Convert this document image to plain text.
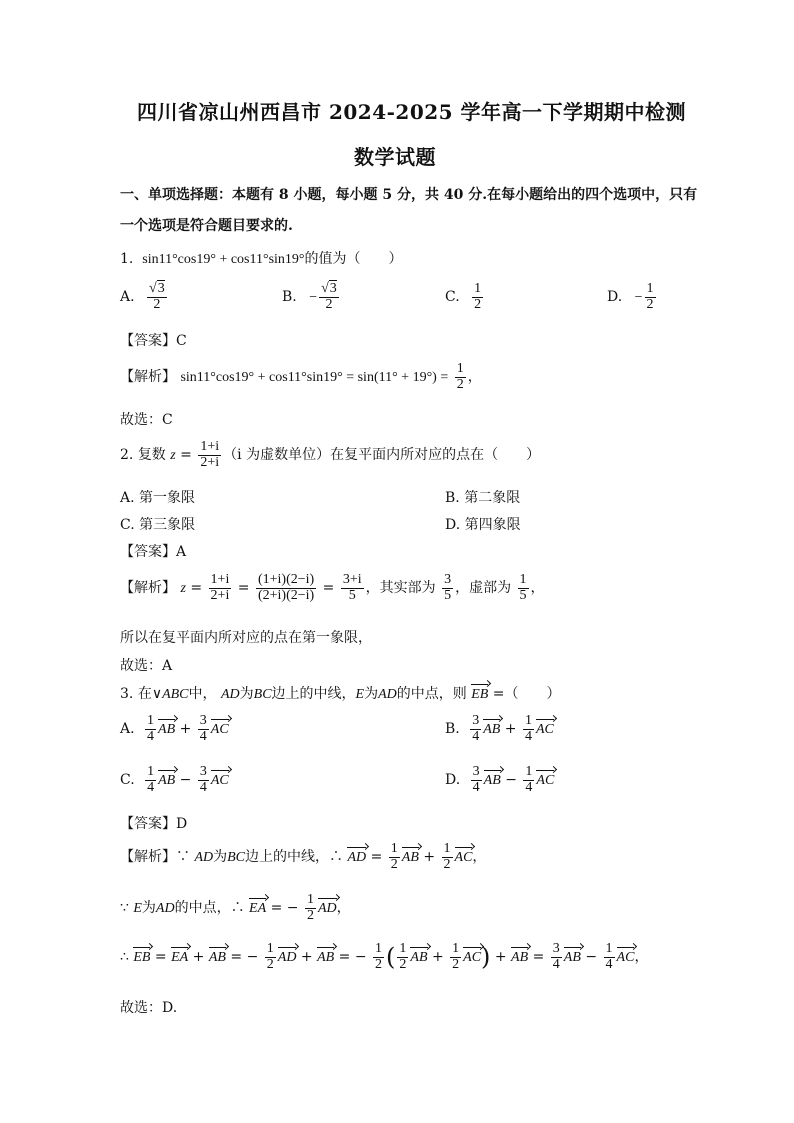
四川省凉山州西昌市 2024-2025 学年高一下学期期中检测
数学试题
一、单项选择题：本题有 8 小题，每小题 5 分，共 40 分.在每小题给出的四个选项中，只有
一个选项是符合题目要求的.
1. sin11°cos19° + cos11°sin19°的值为（　　）
A. $\frac{√3}{2}$	B. − $\frac{√3}{2}$	C. $\frac{1}{2}$	D. − $\frac{1}{2}$
【答案】C
【解析】 $\sin 11^\circ\cos 19^\circ + \cos 11^\circ\sin 19^\circ = \sin(11^\circ + 19^\circ) = \frac{1}{2}$ ，
故选：C
2. 复数 $z = \frac{1+i}{2+i} (i$ 为虚数单位）在复平面内所对应的点在（　　）
A. 第一象限	B. 第二象限
C. 第三象限	D. 第四象限
【答案】A
【解析】 $z = \frac{1+i}{2+i} = \frac{(1+i)(2-i)}{(2+i)(2-i)} = \frac{3+i}{5}$ ，其实部为 $\frac{3}{5}$ ，虚部为 $\frac{1}{5}$ ，
所以在复平面内所对应的点在第一象限，
故选：A
3. 在∨ABC中， AD为BC边上的中线，E为AD的中点，则 EB =（　　）
A. $\frac{1}{4}$ AB + $\frac{3}{4}$ AC	B. $\frac{3}{4}$ AB + $\frac{1}{4}$ AC
C. $\frac{1}{4}$ AB − $\frac{3}{4}$ AC	D. $\frac{3}{4}$ AB − $\frac{1}{4}$ AC
【答案】D
【解析】∵ AD为BC边上的中线，∴ AD = $\frac{1}{2}$ AB + $\frac{1}{2}$ AC，
∵ E为AD的中点，∴ EA = − $\frac{1}{2}$ AD，
∴ EB = EA + AB = − $\frac{1}{2}$ AD + AB = − $\frac{1}{2}$ ( $\frac{1}{2}$ AB + $\frac{1}{2} AC$) + AB = $\frac{3}{4}$ AB − $\frac{1}{4}$ AC，
故选：D.
